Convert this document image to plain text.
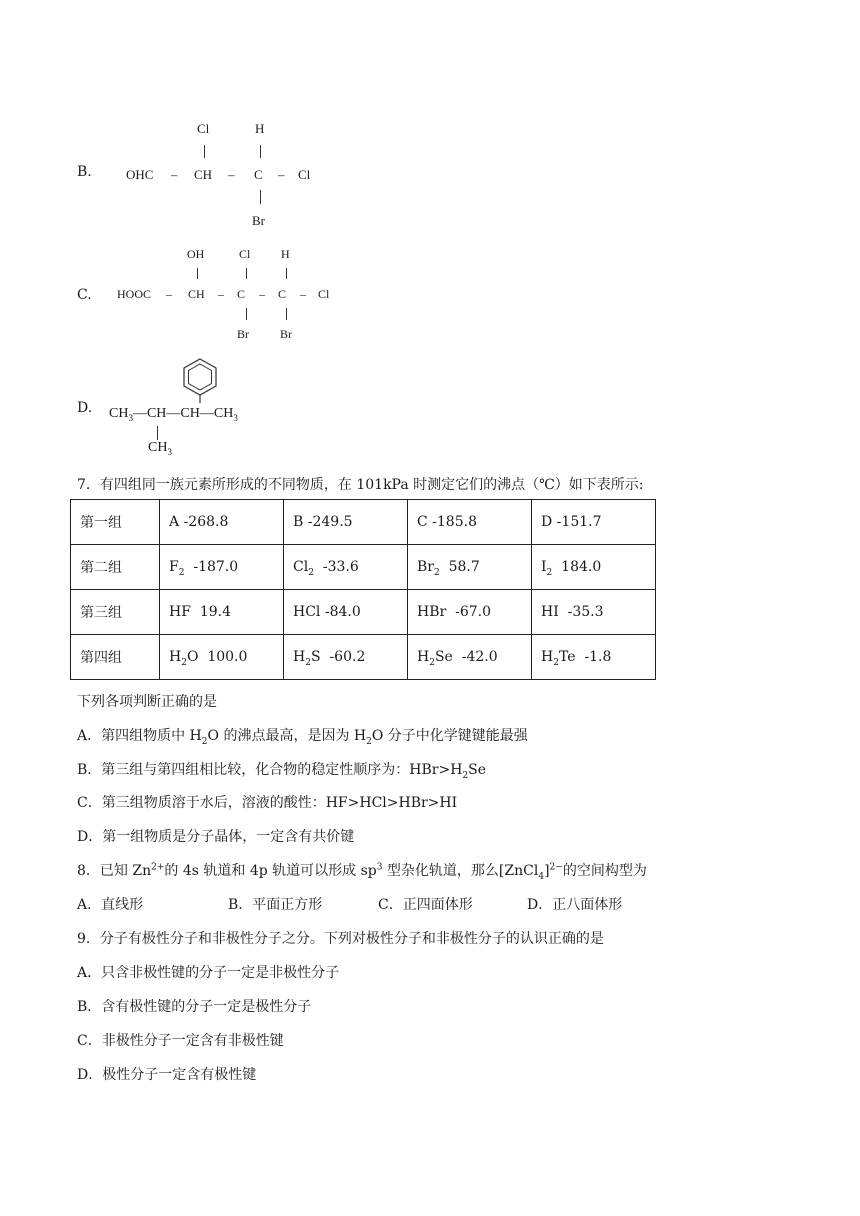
B.
Cl	H
OHC – CH – C – Cl
Br
C.
OH	Cl	H
HOOC – CH – C – C – Cl
Br	Br
D. $CH_3—CH—CH—CH_3$
$CH_3$
7．有四组同一族元素所形成的不同物质，在 101kPa 时测定它们的沸点（℃）如下表所示:
第一组	A -268.8	B -249.5	C -185.8	D -151.7
第二组	$F_2$  -187.0	$Cl_2$  -33.6	$Br_2$  58.7	$I_2$  184.0
第三组	HF  19.4	HCl -84.0	HBr  -67.0	HI  -35.3
第四组	$H_2O$  100.0	$H_2S$  -60.2	$H_2Se$  -42.0	$H_2Te$  -1.8
下列各项判断正确的是
A．第四组物质中 $H_2O$ 的沸点最高，是因为 $H_2O$ 分子中化学键键能最强
B．第三组与第四组相比较，化合物的稳定性顺序为：$HBr>H_2Se$
C．第三组物质溶于水后，溶液的酸性：HF>HCl>HBr>HI
D．第一组物质是分子晶体，一定含有共价键
8．已知 $Zn^{2+}$的 4s 轨道和 4p 轨道可以形成 $sp^3$ 型杂化轨道，那么[ZnCl$_4$]$^{2-}$的空间构型为
A．直线形	B．平面正方形	C．正四面体形	D．正八面体形
9．分子有极性分子和非极性分子之分。下列对极性分子和非极性分子的认识正确的是
A．只含非极性键的分子一定是非极性分子
B．含有极性键的分子一定是极性分子
C．非极性分子一定含有非极性键
D．极性分子一定含有极性键
